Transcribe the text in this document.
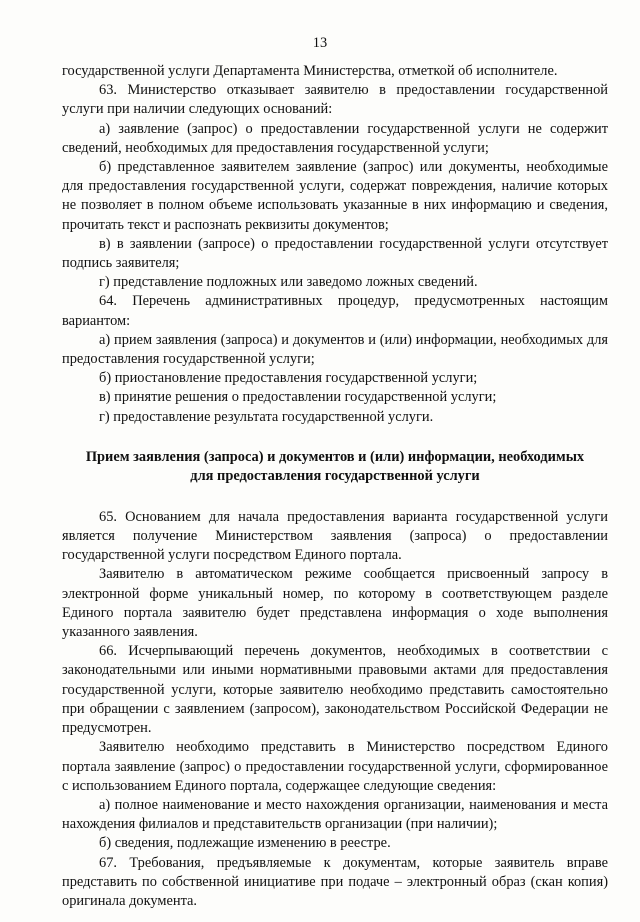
13

государственной услуги Департамента Министерства, отметкой об исполнителе.

63. Министерство отказывает заявителю в предоставлении государственной услуги при наличии следующих оснований:

а) заявление (запрос) о предоставлении государственной услуги не содержит сведений, необходимых для предоставления государственной услуги;

б) представленное заявителем заявление (запрос) или документы, необходимые для предоставления государственной услуги, содержат повреждения, наличие которых не позволяет в полном объеме использовать указанные в них информацию и сведения, прочитать текст и распознать реквизиты документов;

в) в заявлении (запросе) о предоставлении государственной услуги отсутствует подпись заявителя;

г) представление подложных или заведомо ложных сведений.

64. Перечень административных процедур, предусмотренных настоящим вариантом:

а) прием заявления (запроса) и документов и (или) информации, необходимых для предоставления государственной услуги;

б) приостановление предоставления государственной услуги;

в) принятие решения о предоставлении государственной услуги;

г) предоставление результата государственной услуги.

Прием заявления (запроса) и документов и (или) информации, необходимых
для предоставления государственной услуги

65. Основанием для начала предоставления варианта государственной услуги является получение Министерством заявления (запроса) о предоставлении государственной услуги посредством Единого портала.

Заявителю в автоматическом режиме сообщается присвоенный запросу в электронной форме уникальный номер, по которому в соответствующем разделе Единого портала заявителю будет представлена информация о ходе выполнения указанного заявления.

66. Исчерпывающий перечень документов, необходимых в соответствии с законодательными или иными нормативными правовыми актами для предоставления государственной услуги, которые заявителю необходимо представить самостоятельно при обращении с заявлением (запросом), законодательством Российской Федерации не предусмотрен.

Заявителю необходимо представить в Министерство посредством Единого портала заявление (запрос) о предоставлении государственной услуги, сформированное с использованием Единого портала, содержащее следующие сведения:

а) полное наименование и место нахождения организации, наименования и места нахождения филиалов и представительств организации (при наличии);

б) сведения, подлежащие изменению в реестре.

67. Требования, предъявляемые к документам, которые заявитель вправе представить по собственной инициативе при подаче – электронный образ (скан копия) оригинала документа.
